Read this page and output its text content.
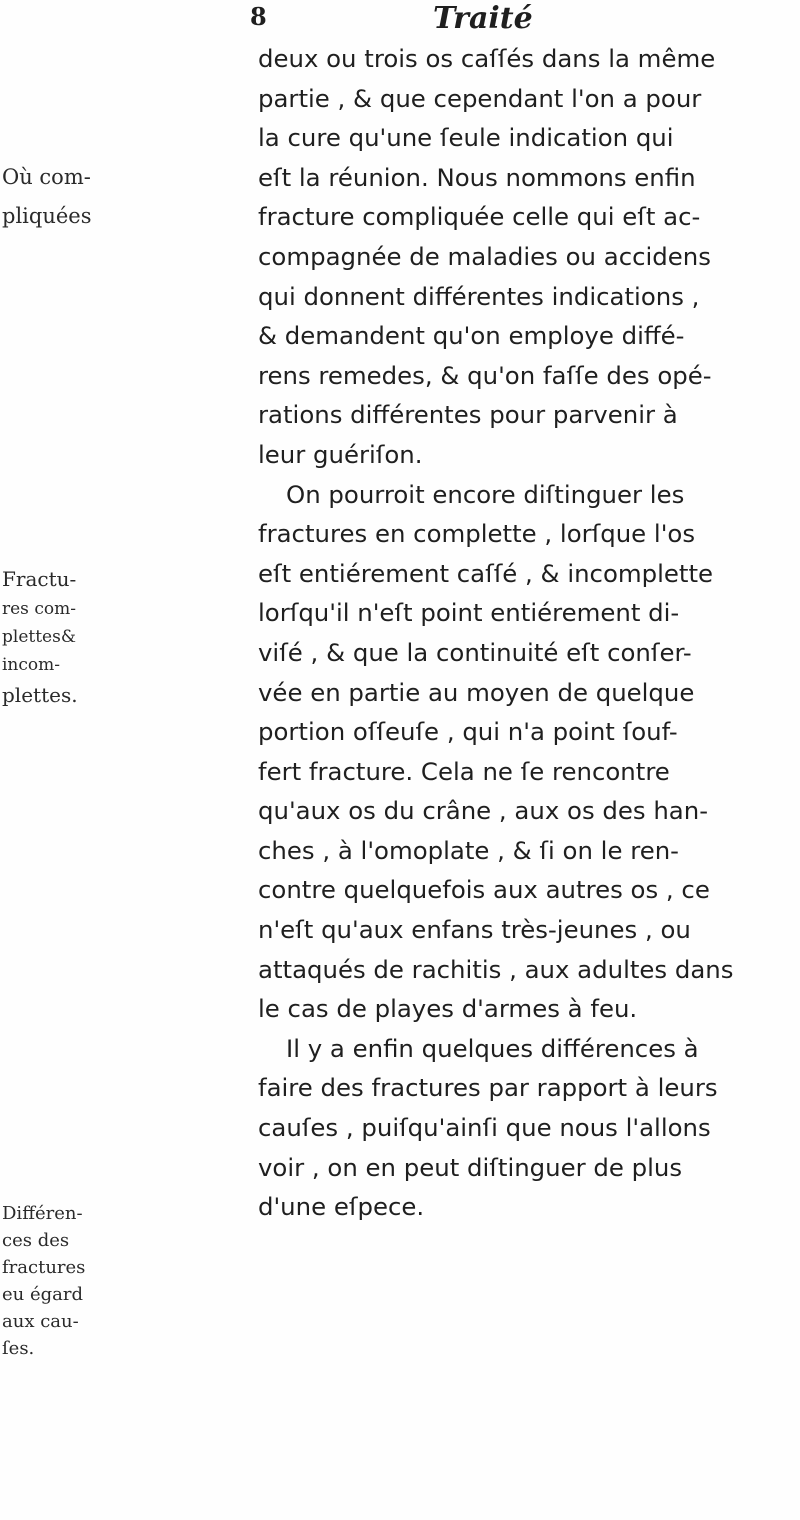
8	Traité
deux ou trois os caſſés dans la même
partie , & que cependant l'on a pour
la cure qu'une ſeule indication qui
eſt la réunion. Nous nommons enfin
fracture compliquée celle qui eſt ac-
compagnée de maladies ou accidens
qui donnent différentes indications ,
& demandent qu'on employe diffé-
rens remedes, & qu'on faſſe des opé-
rations différentes pour parvenir à
leur guériſon.
On pourroit encore diſtinguer les
fractures en complette , lorſque l'os
eſt entiérement caſſé , & incomplette
lorſqu'il n'eſt point entiérement di-
viſé , & que la continuité eſt conſer-
vée en partie au moyen de quelque
portion oſſeuſe , qui n'a point ſouf-
fert fracture. Cela ne ſe rencontre
qu'aux os du crâne , aux os des han-
ches , à l'omoplate , & ſi on le ren-
contre quelquefois aux autres os , ce
n'eſt qu'aux enfans très-jeunes , ou
attaqués de rachitis , aux adultes dans
le cas de playes d'armes à feu.
Il y a enfin quelques différences à
faire des fractures par rapport à leurs
cauſes , puiſqu'ainſi que nous l'allons
voir , on en peut diſtinguer de plus
d'une eſpece.
Où com-
pliquées
Fractu-
res com-
plettes&
incom-
plettes.
Différen-
ces des
fractures
eu égard
aux cau-
ſes.
